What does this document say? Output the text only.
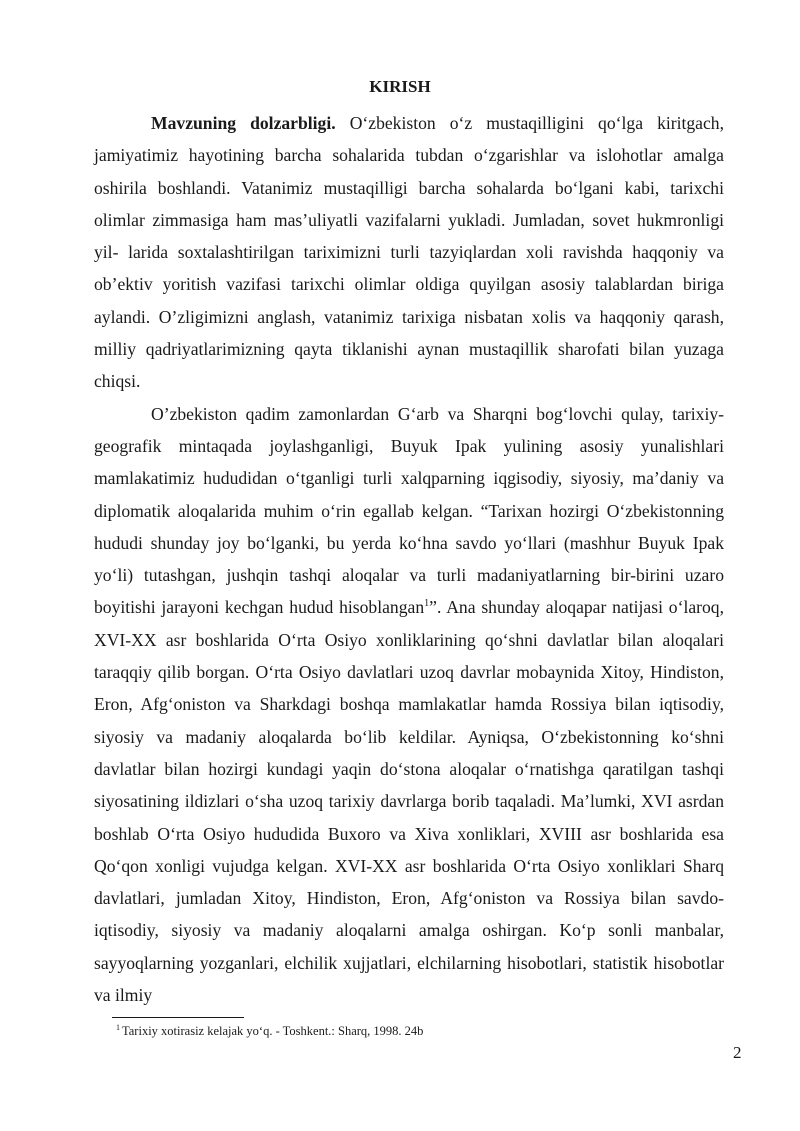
KIRISH

Mavzuning dolzarbligi. O‘zbekiston o‘z mustaqilligini qo‘lga kiritgach, jamiyatimiz hayotining barcha sohalarida tubdan o‘zgarishlar va islohotlar amalga oshirila boshlandi. Vatanimiz mustaqilligi barcha sohalarda bo‘lgani kabi, tarixchi olimlar zimmasiga ham mas’uliyatli vazifalarni yukladi. Jumladan, sovet hukmronligi yil- larida soxtalashtirilgan tariximizni turli tazyiqlardan xoli ravishda haqqoniy va ob’ektiv yoritish vazifasi tarixchi olimlar oldiga quyilgan asosiy talablardan biriga aylandi. O’zligimizni anglash, vatanimiz tarixiga nisbatan xolis va haqqoniy qarash, milliy qadriyatlarimizning qayta tiklanishi aynan mustaqillik sharofati bilan yuzaga chiqsi.

O’zbekiston qadim zamonlardan G‘arb va Sharqni bog‘lovchi qulay, tarixiy-geografik mintaqada joylashganligi, Buyuk Ipak yulining asosiy yunalishlari mamlakatimiz hududidan o‘tganligi turli xalqparning iqgisodiy, siyosiy, ma’daniy va diplomatik aloqalarida muhim o‘rin egallab kelgan. “Tarixan hozirgi O‘zbekistonning hududi shunday joy bo‘lganki, bu yerda ko‘hna savdo yo‘llari (mashhur Buyuk Ipak yo‘li) tutashgan, jushqin tashqi aloqalar va turli madaniyatlarning bir-birini uzaro boyitishi jarayoni kechgan hudud hisoblangan$^1$”. Ana shunday aloqapar natijasi o‘laroq, XVI-XX asr boshlarida O‘rta Osiyo xonliklarining qo‘shni davlatlar bilan aloqalari taraqqiy qilib borgan. O‘rta Osiyo davlatlari uzoq davrlar mobaynida Xitoy, Hindiston, Eron, Afg‘oniston va Sharkdagi boshqa mamlakatlar hamda Rossiya bilan iqtisodiy, siyosiy va madaniy aloqalarda bo‘lib keldilar. Ayniqsa, O‘zbekistonning ko‘shni davlatlar bilan hozirgi kundagi yaqin do‘stona aloqalar o‘rnatishga qaratilgan tashqi siyosatining ildizlari o‘sha uzoq tarixiy davrlarga borib taqaladi. Ma’lumki, XVI asrdan boshlab O‘rta Osiyo hududida Buxoro va Xiva xonliklari, XVIII asr boshlarida esa Qo‘qon xonligi vujudga kelgan. XVI-XX asr boshlarida O‘rta Osiyo xonliklari Sharq davlatlari, jumladan Xitoy, Hindiston, Eron, Afg‘oniston va Rossiya bilan savdo-iqtisodiy, siyosiy va madaniy aloqalarni amalga oshirgan. Ko‘p sonli manbalar, sayyoqlarning yozganlari, elchilik xujjatlari, elchilarning hisobotlari, statistik hisobotlar va ilmiy

$^1$ Tarixiy xotirasiz kelajak yo‘q. - Toshkent.: Sharq, 1998. 24b
2
